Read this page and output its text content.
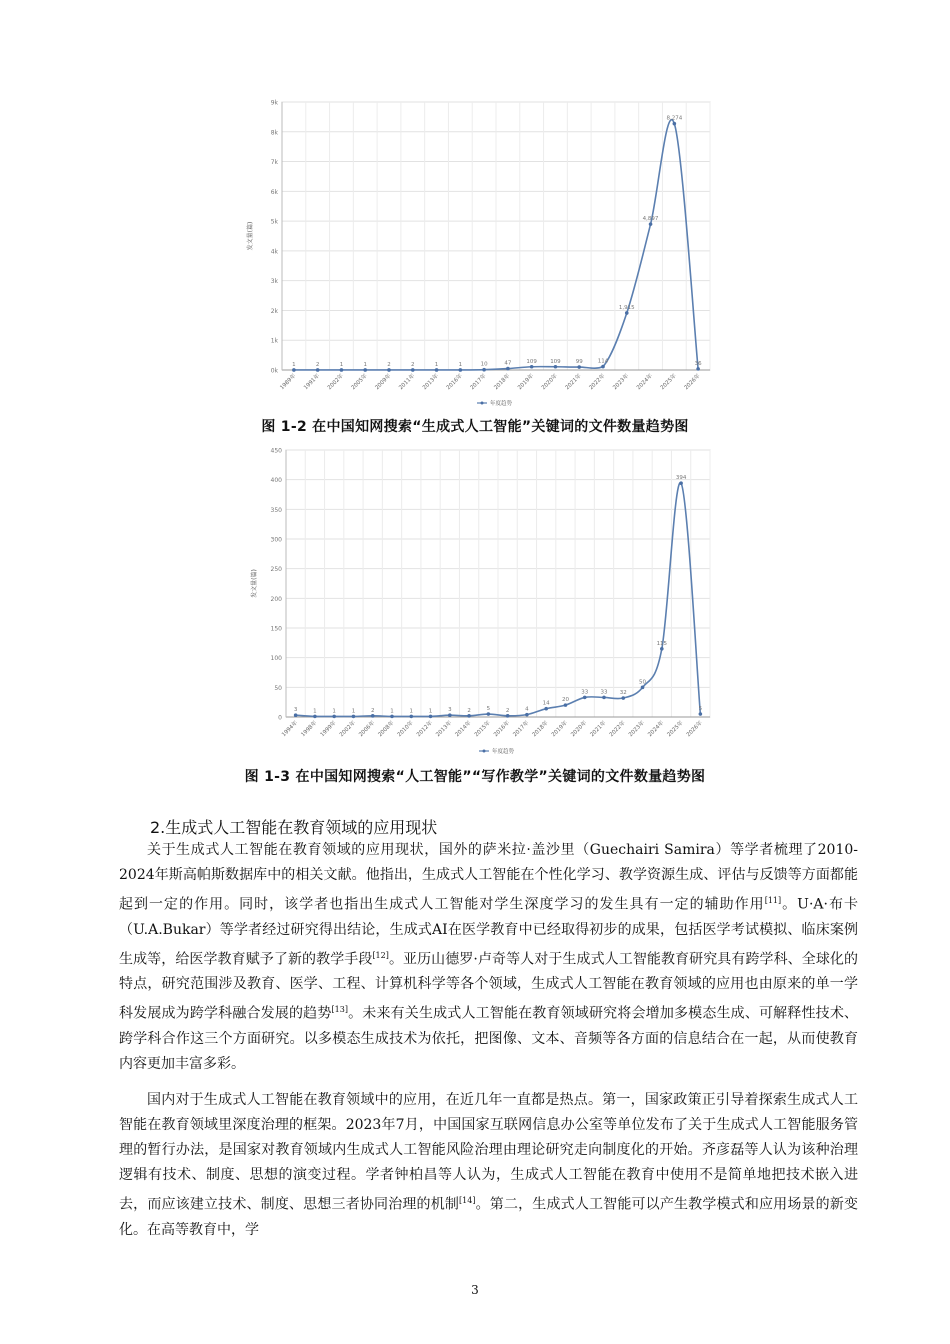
0k
1k
2k
3k
4k
5k
6k
7k
8k
9k
发文量(篇)
1989年 1991年 2002年 2005年 2009年 2011年 2013年 2016年 2017年 2018年 2019年 2020年 2021年 2022年 2023年 2024年 2025年 2026年
1	2	1	1	2	2	1	1	10	47	109 109	99	114
1,915
4,897
8,274
36
年度趋势
图 1-2 在中国知网搜索“生成式人工智能”关键词的文件数量趋势图
0
50
100
150
200
250
300
350
400
450
发文量(篇)
1994年 1998年 1999年 2002年 2006年 2008年 2010年 2012年 2013年 2014年 2015年 2016年 2017年 2018年 2019年 2020年 2021年 2022年 2023年 2024年 2025年 2026年
3	1	1	1	2	1	1	1	3	2	5	2	4
14
20
33 33 32
50
115
394
5
年度趋势
图 1-3 在中国知网搜索“人工智能”“写作教学”关键词的文件数量趋势图
2.生成式人工智能在教育领域的应用现状
关于生成式人工智能在教育领域的应用现状，国外的萨米拉·盖沙里（Guechairi Samira）等学者梳理了2010-2024年斯高帕斯数据库中的相关文献。他指出，生成式人工智能在个性化学习、教学资源生成、评估与反馈等方面都能起到一定的作用。同时，该学者也指出生成式人工智能对学生深度学习的发生具有一定的辅助作用[11]。U·A·布卡（U.A.Bukar）等学者经过研究得出结论，生成式AI在医学教育中已经取得初步的成果，包括医学考试模拟、临床案例生成等，给医学教育赋予了新的教学手段[12]。亚历山德罗·卢奇等人对于生成式人工智能教育研究具有跨学科、全球化的特点，研究范围涉及教育、医学、工程、计算机科学等各个领域，生成式人工智能在教育领域的应用也由原来的单一学科发展成为跨学科融合发展的趋势[13]。未来有关生成式人工智能在教育领域研究将会增加多模态生成、可解释性技术、跨学科合作这三个方面研究。以多模态生成技术为依托，把图像、文本、音频等各方面的信息结合在一起，从而使教育内容更加丰富多彩。
国内对于生成式人工智能在教育领域中的应用，在近几年一直都是热点。第一，国家政策正引导着探索生成式人工智能在教育领域里深度治理的框架。2023年7月，中国国家互联网信息办公室等单位发布了关于生成式人工智能服务管理的暂行办法，是国家对教育领域内生成式人工智能风险治理由理论研究走向制度化的开始。齐彦磊等人认为该种治理逻辑有技术、制度、思想的演变过程。学者钟柏昌等人认为，生成式人工智能在教育中使用不是简单地把技术嵌入进去，而应该建立技术、制度、思想三者协同治理的机制[14]。第二，生成式人工智能可以产生教学模式和应用场景的新变化。在高等教育中，学
3
